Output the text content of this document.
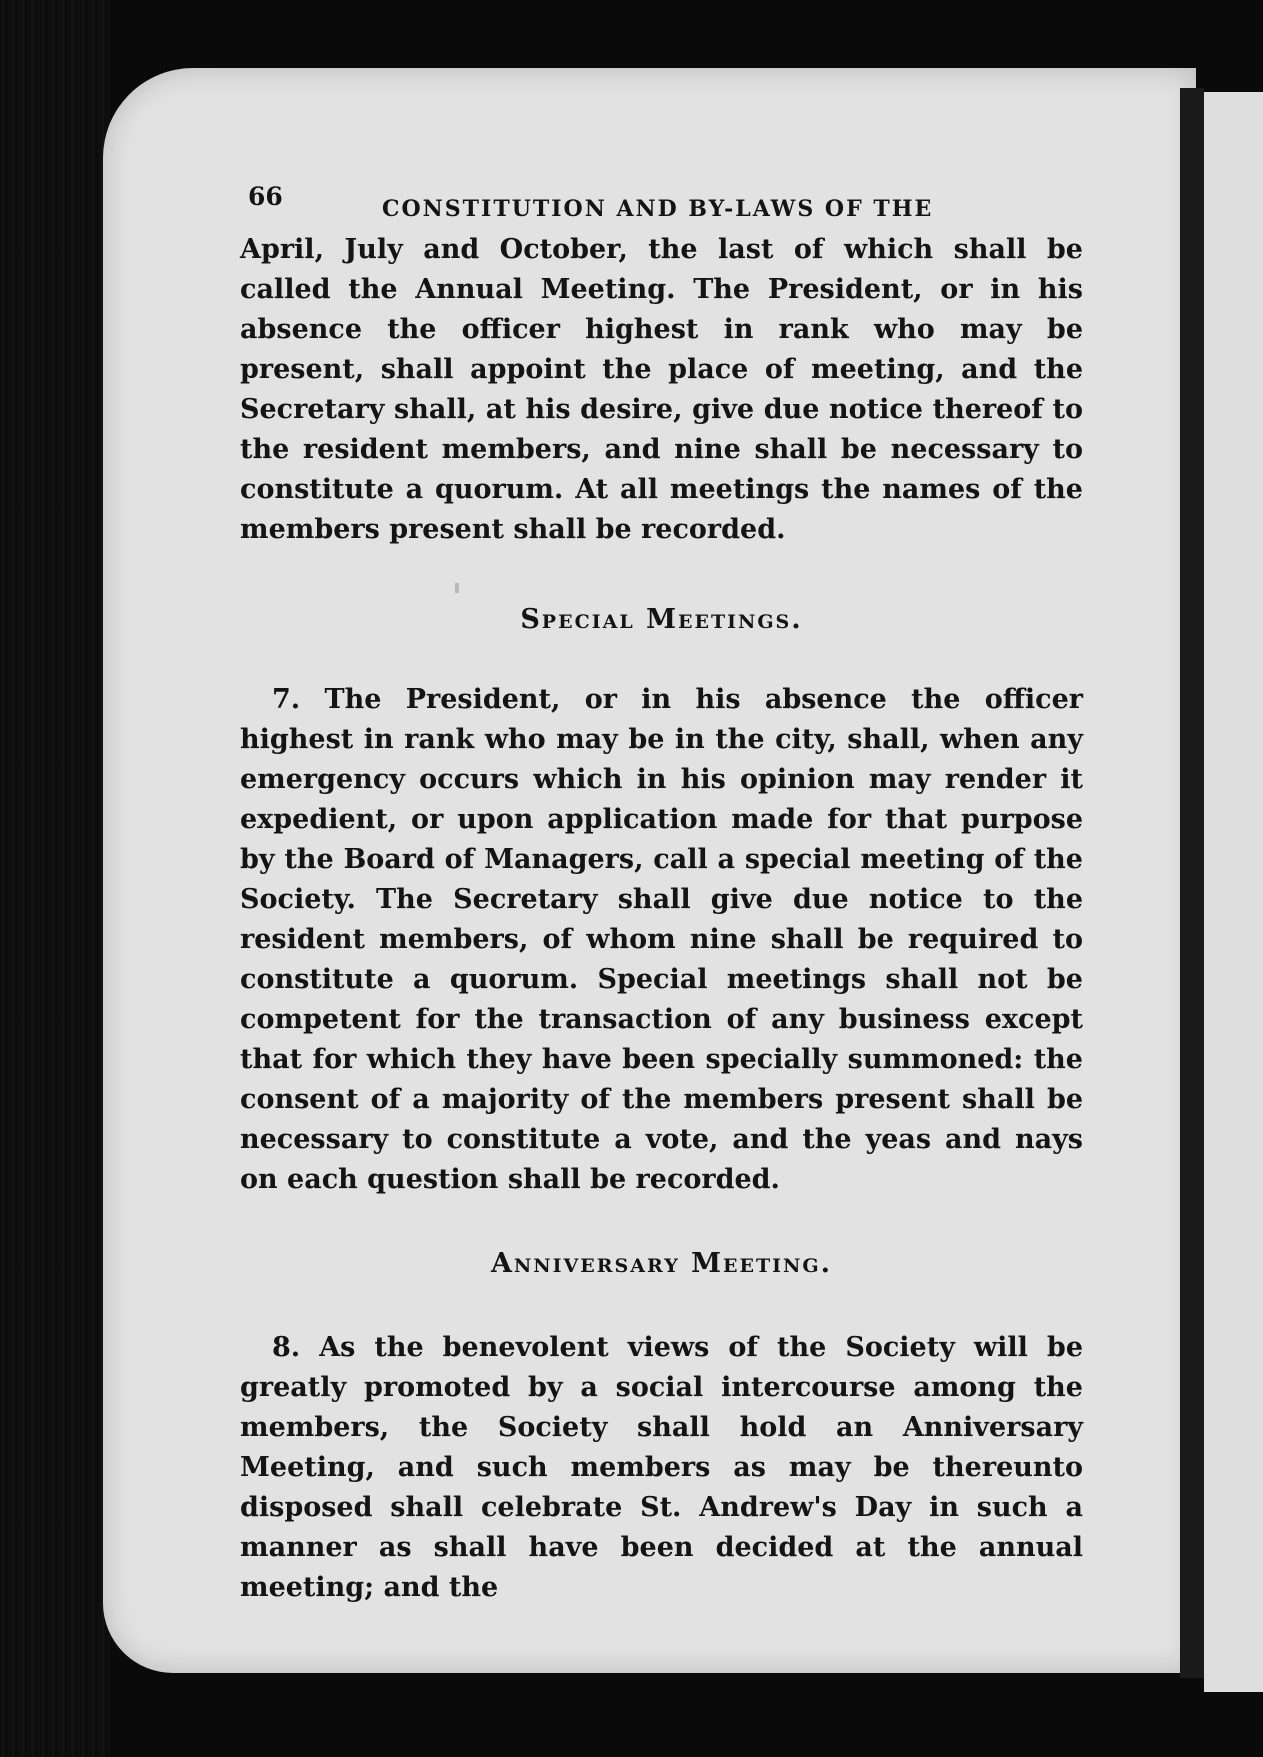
66	CONSTITUTION AND BY-LAWS OF THE

April, July and October, the last of which shall be called the Annual Meeting. The President, or in his absence the officer highest in rank who may be present, shall appoint the place of meeting, and the Secretary shall, at his desire, give due notice thereof to the resident members, and nine shall be necessary to constitute a quorum. At all meetings the names of the members present shall be recorded.

Special Meetings.

7. The President, or in his absence the officer highest in rank who may be in the city, shall, when any emergency occurs which in his opinion may render it expedient, or upon application made for that purpose by the Board of Managers, call a special meeting of the Society. The Secretary shall give due notice to the resident members, of whom nine shall be required to constitute a quorum. Special meetings shall not be competent for the transaction of any business except that for which they have been specially summoned: the consent of a majority of the members present shall be necessary to constitute a vote, and the yeas and nays on each question shall be recorded.

Anniversary Meeting.

8. As the benevolent views of the Society will be greatly promoted by a social intercourse among the members, the Society shall hold an Anniversary Meeting, and such members as may be thereunto disposed shall celebrate St. Andrew's Day in such a manner as shall have been decided at the annual meeting; and the
